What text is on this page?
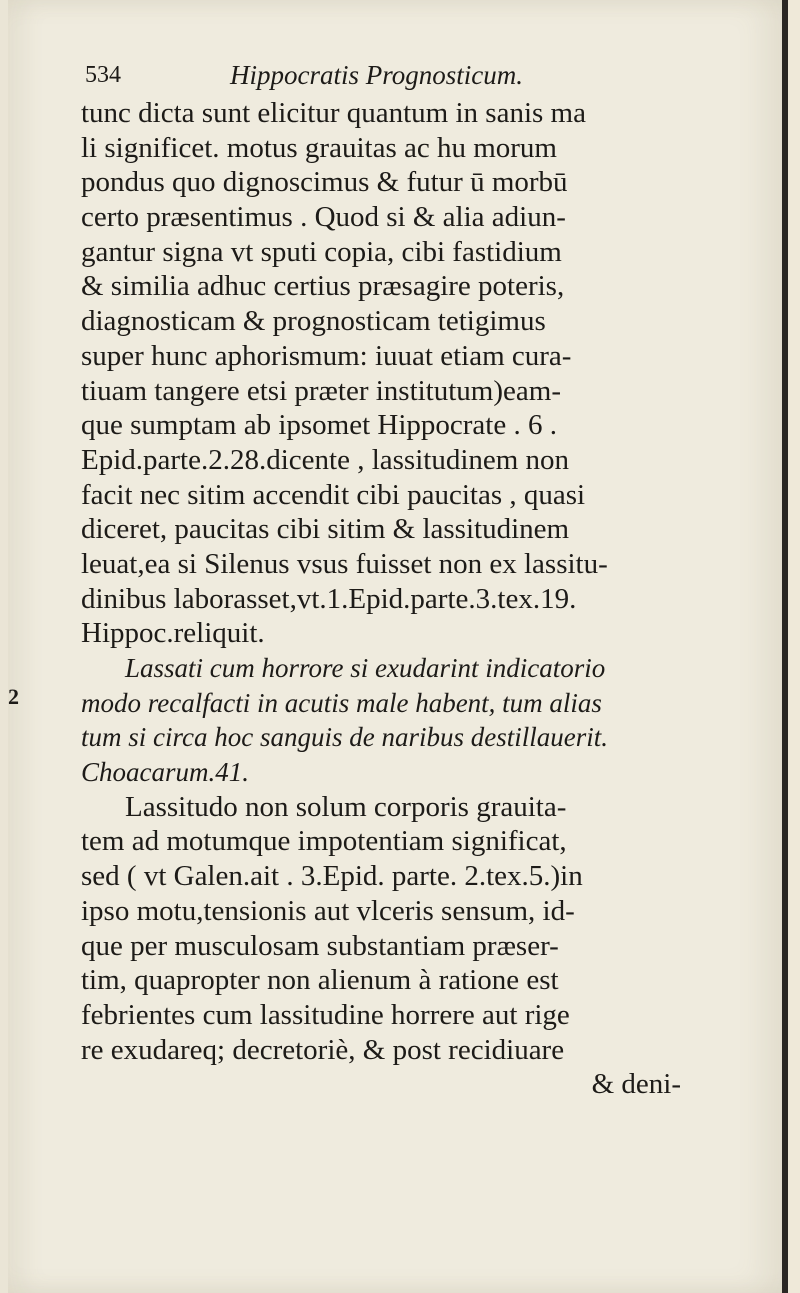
534	Hippocratis Prognosticum.
2
tunc dicta sunt elicitur quantum in sanis ma
li significet. motus grauitas ac hu morum
pondus quo dignoscimus & futur ū morbū
certo præsentimus . Quod si & alia adiun-
gantur signa vt sputi copia, cibi fastidium
& similia adhuc certius præsagire poteris,
diagnosticam & prognosticam tetigimus
super hunc aphorismum: iuuat etiam cura-
tiuam tangere etsi præter institutum)eam-
que sumptam ab ipsomet Hippocrate . 6 .
Epid.parte.2.28.dicente , lassitudinem non
facit nec sitim accendit cibi paucitas , quasi
diceret, paucitas cibi sitim & lassitudinem
leuat,ea si Silenus vsus fuisset non ex lassitu-
dinibus laborasset,vt.1.Epid.parte.3.tex.19.
Hippoc.reliquit.
Lassati cum horrore si exudarint indicatorio
modo recalfacti in acutis male habent, tum alias
tum si circa hoc sanguis de naribus destillauerit.
Choacarum.41.
Lassitudo non solum corporis grauita-
tem ad motumque impotentiam significat,
sed ( vt Galen.ait . 3.Epid. parte. 2.tex.5.)in
ipso motu,tensionis aut vlceris sensum, id-
que per musculosam substantiam præser-
tim, quapropter non alienum à ratione est
febrientes cum lassitudine horrere aut rige
re exudareq; decretoriè, & post recidiuare
& deni-
